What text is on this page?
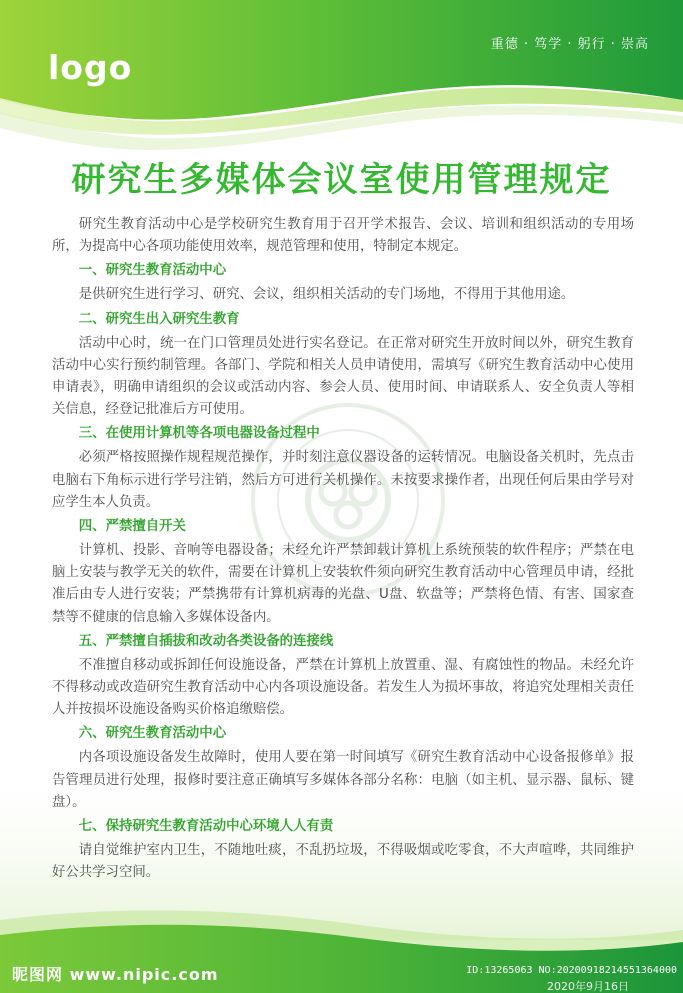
logo
重德 · 笃学 · 躬行 · 崇高
研究生多媒体会议室使用管理规定

研究生教育活动中心是学校研究生教育用于召开学术报告、会议、培训和组织活动的专用场所，为提高中心各项功能使用效率，规范管理和使用，特制定本规定。

一、研究生教育活动中心

是供研究生进行学习、研究、会议，组织相关活动的专门场地，不得用于其他用途。

二、研究生出入研究生教育

活动中心时，统一在门口管理员处进行实名登记。在正常对研究生开放时间以外，研究生教育活动中心实行预约制管理。各部门、学院和相关人员申请使用，需填写《研究生教育活动中心使用申请表》，明确申请组织的会议或活动内容、参会人员、使用时间、申请联系人、安全负责人等相关信息，经登记批准后方可使用。

三、在使用计算机等各项电器设备过程中

必须严格按照操作规程规范操作，并时刻注意仪器设备的运转情况。电脑设备关机时，先点击电脑右下角标示进行学号注销，然后方可进行关机操作。未按要求操作者，出现任何后果由学号对应学生本人负责。

四、严禁擅自开关

计算机、投影、音响等电器设备；未经允许严禁卸载计算机上系统预装的软件程序；严禁在电脑上安装与教学无关的软件，需要在计算机上安装软件须向研究生教育活动中心管理员申请，经批准后由专人进行安装；严禁携带有计算机病毒的光盘、U盘、软盘等；严禁将色情、有害、国家查禁等不健康的信息输入多媒体设备内。

五、严禁擅自插拔和改动各类设备的连接线

不准擅自移动或拆卸任何设施设备，严禁在计算机上放置重、湿、有腐蚀性的物品。未经允许不得移动或改造研究生教育活动中心内各项设施设备。若发生人为损坏事故，将追究处理相关责任人并按损坏设施设备购买价格追缴赔偿。

六、研究生教育活动中心

内各项设施设备发生故障时，使用人要在第一时间填写《研究生教育活动中心设备报修单》报告管理员进行处理，报修时要注意正确填写多媒体各部分名称：电脑（如主机、显示器、鼠标、键盘）。

七、保持研究生教育活动中心环境人人有责

请自觉维护室内卫生，不随地吐痰，不乱扔垃圾，不得吸烟或吃零食，不大声喧哗，共同维护好公共学习空间。

昵图网 www.nipic.com	ID:13265063 NO:20200918214551364000
2020年9月16日
